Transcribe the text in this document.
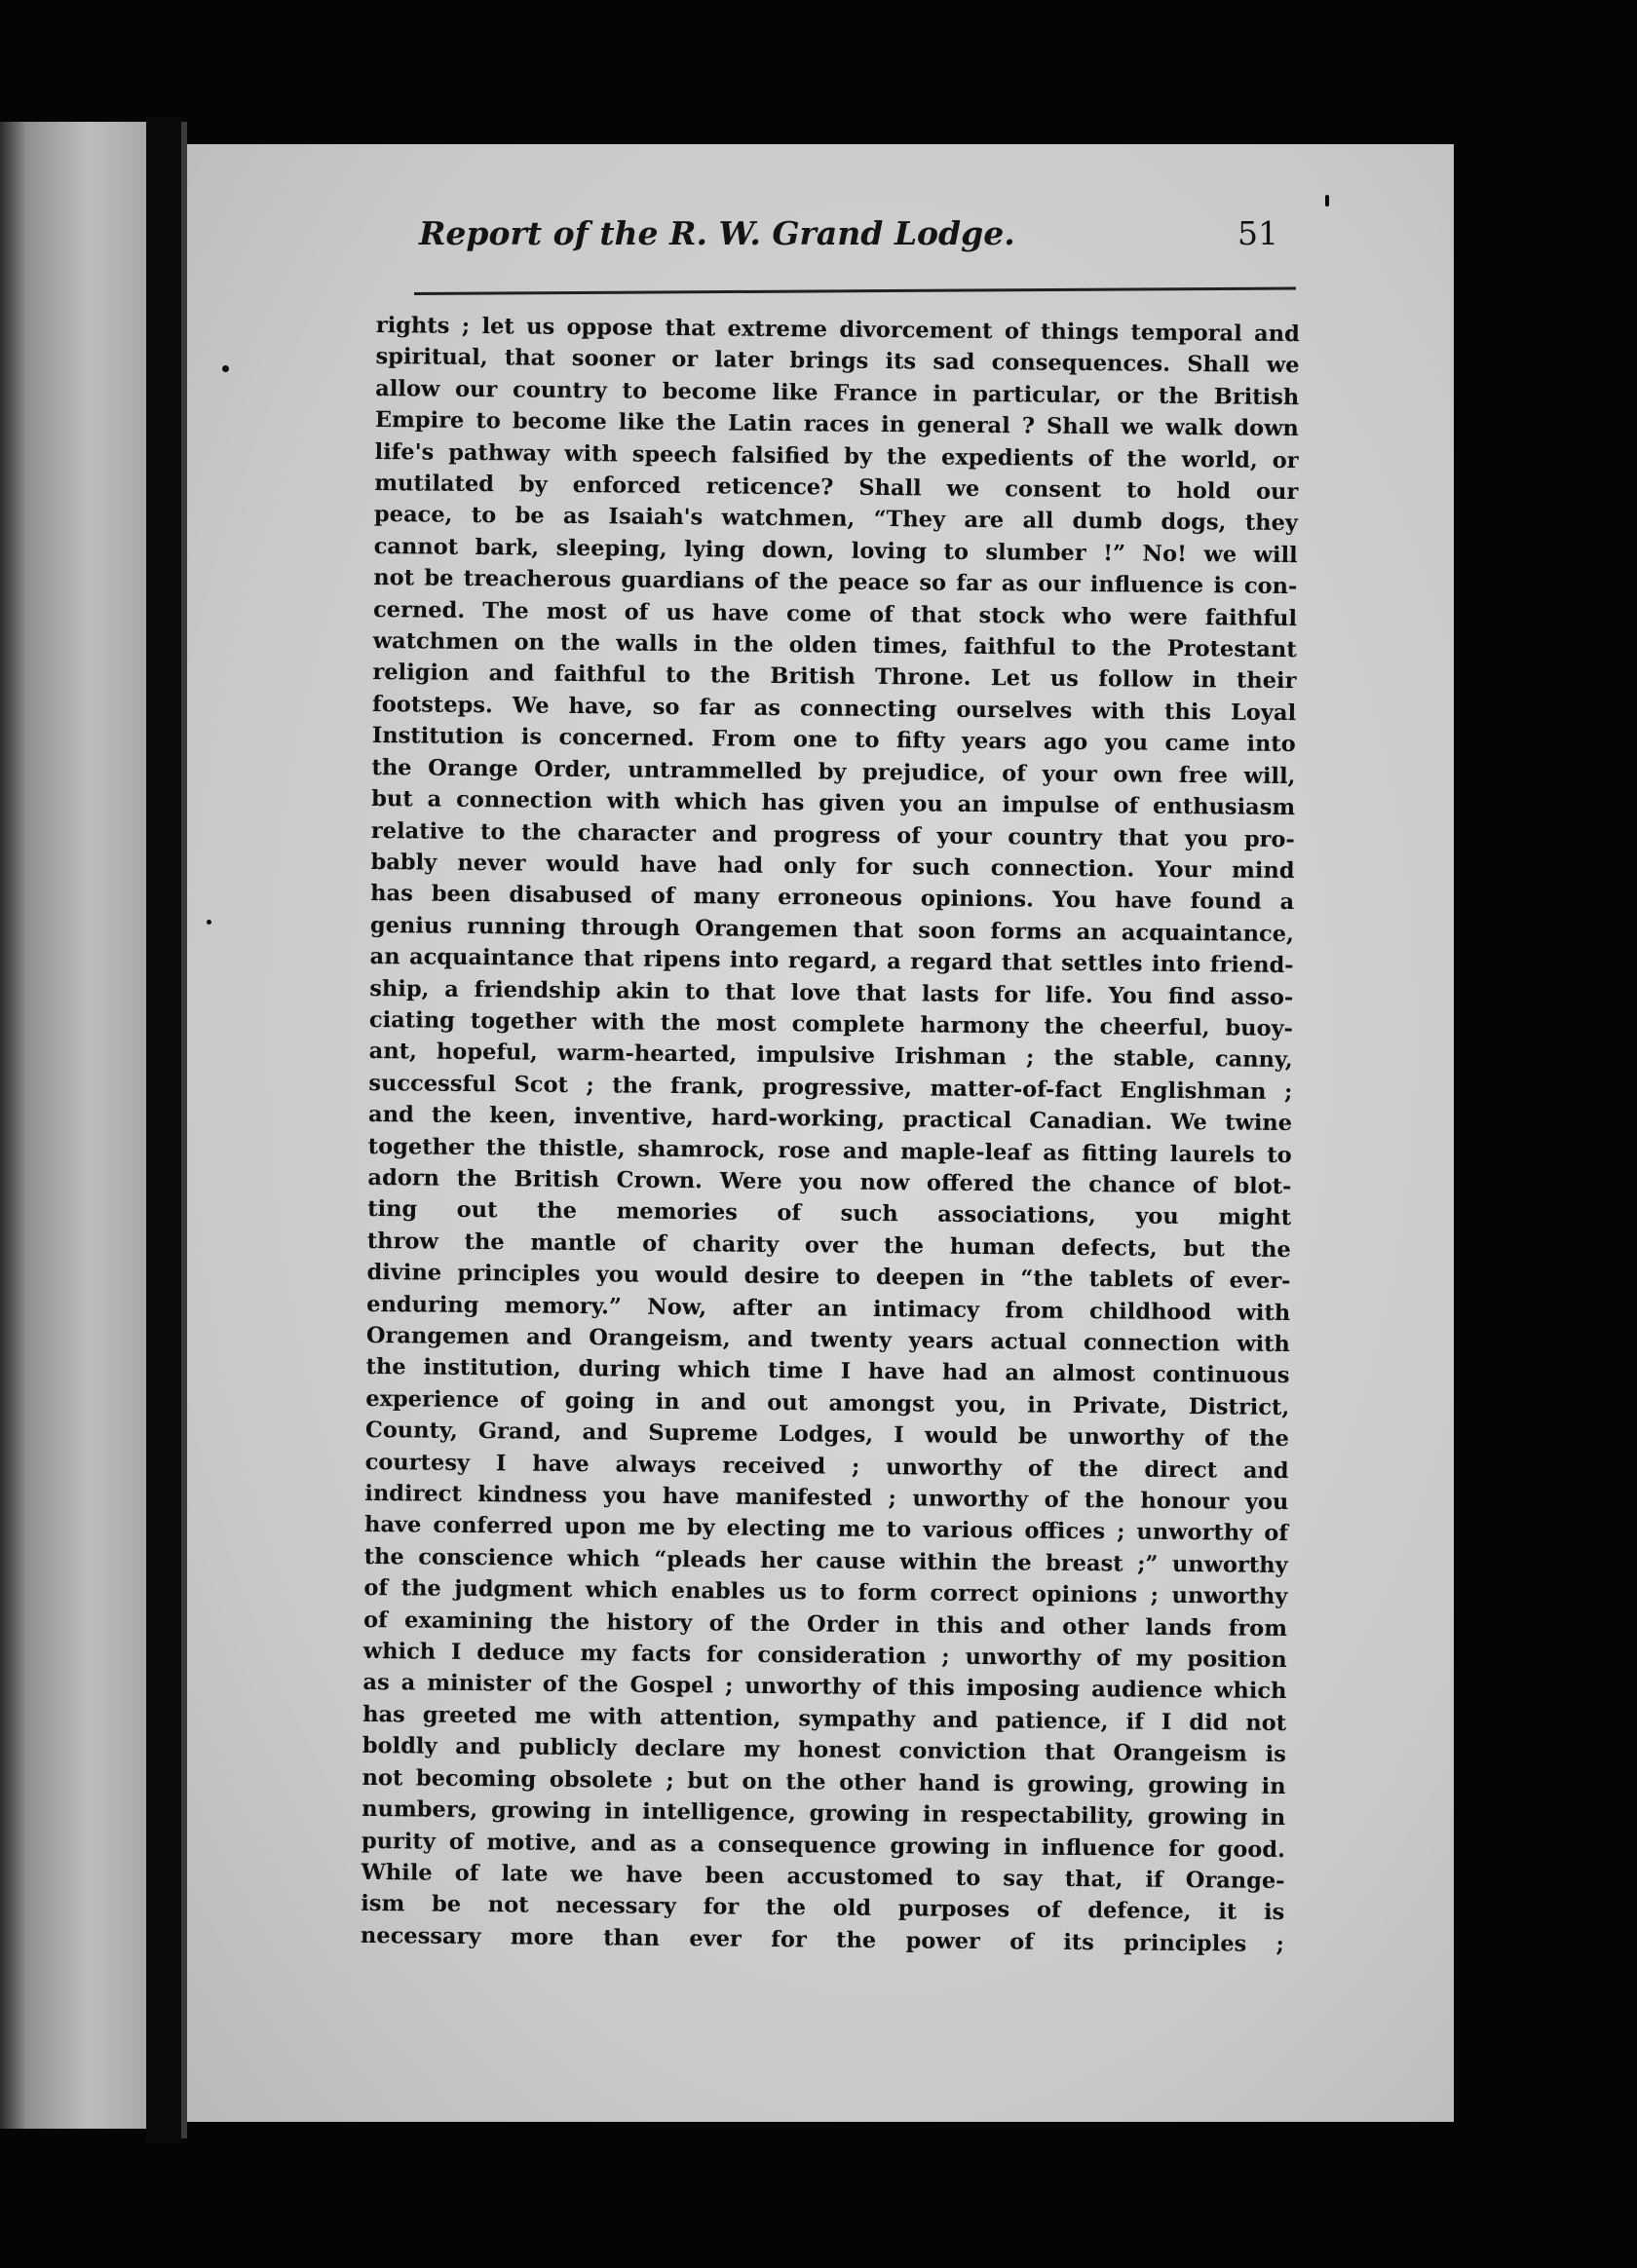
Report of the R. W. Grand Lodge.	51
rights ; let us oppose that extreme divorcement of things temporal and
spiritual, that sooner or later brings its sad consequences. Shall we
allow our country to become like France in particular, or the British
Empire to become like the Latin races in general ? Shall we walk down
life's pathway with speech falsified by the expedients of the world, or
mutilated by enforced reticence? Shall we consent to hold our
peace, to be as Isaiah's watchmen, “They are all dumb dogs, they
cannot bark, sleeping, lying down, loving to slumber !” No! we will
not be treacherous guardians of the peace so far as our influence is con-
cerned. The most of us have come of that stock who were faithful
watchmen on the walls in the olden times, faithful to the Protestant
religion and faithful to the British Throne. Let us follow in their
footsteps. We have, so far as connecting ourselves with this Loyal
Institution is concerned. From one to fifty years ago you came into
the Orange Order, untrammelled by prejudice, of your own free will,
but a connection with which has given you an impulse of enthusiasm
relative to the character and progress of your country that you pro-
bably never would have had only for such connection. Your mind
has been disabused of many erroneous opinions. You have found a
genius running through Orangemen that soon forms an acquaintance,
an acquaintance that ripens into regard, a regard that settles into friend-
ship, a friendship akin to that love that lasts for life. You find asso-
ciating together with the most complete harmony the cheerful, buoy-
ant, hopeful, warm-hearted, impulsive Irishman ; the stable, canny,
successful Scot ; the frank, progressive, matter-of-fact Englishman ;
and the keen, inventive, hard-working, practical Canadian. We twine
together the thistle, shamrock, rose and maple-leaf as fitting laurels to
adorn the British Crown. Were you now offered the chance of blot-
ting out the memories of such associations, you might
throw the mantle of charity over the human defects, but the
divine principles you would desire to deepen in “the tablets of ever-
enduring memory.” Now, after an intimacy from childhood with
Orangemen and Orangeism, and twenty years actual connection with
the institution, during which time I have had an almost continuous
experience of going in and out amongst you, in Private, District,
County, Grand, and Supreme Lodges, I would be unworthy of the
courtesy I have always received ; unworthy of the direct and
indirect kindness you have manifested ; unworthy of the honour you
have conferred upon me by electing me to various offices ; unworthy of
the conscience which “pleads her cause within the breast ;” unworthy
of the judgment which enables us to form correct opinions ; unworthy
of examining the history of the Order in this and other lands from
which I deduce my facts for consideration ; unworthy of my position
as a minister of the Gospel ; unworthy of this imposing audience which
has greeted me with attention, sympathy and patience, if I did not
boldly and publicly declare my honest conviction that Orangeism is
not becoming obsolete ; but on the other hand is growing, growing in
numbers, growing in intelligence, growing in respectability, growing in
purity of motive, and as a consequence growing in influence for good.
While of late we have been accustomed to say that, if Orange-
ism be not necessary for the old purposes of defence, it is
necessary more than ever for the power of its principles ;
